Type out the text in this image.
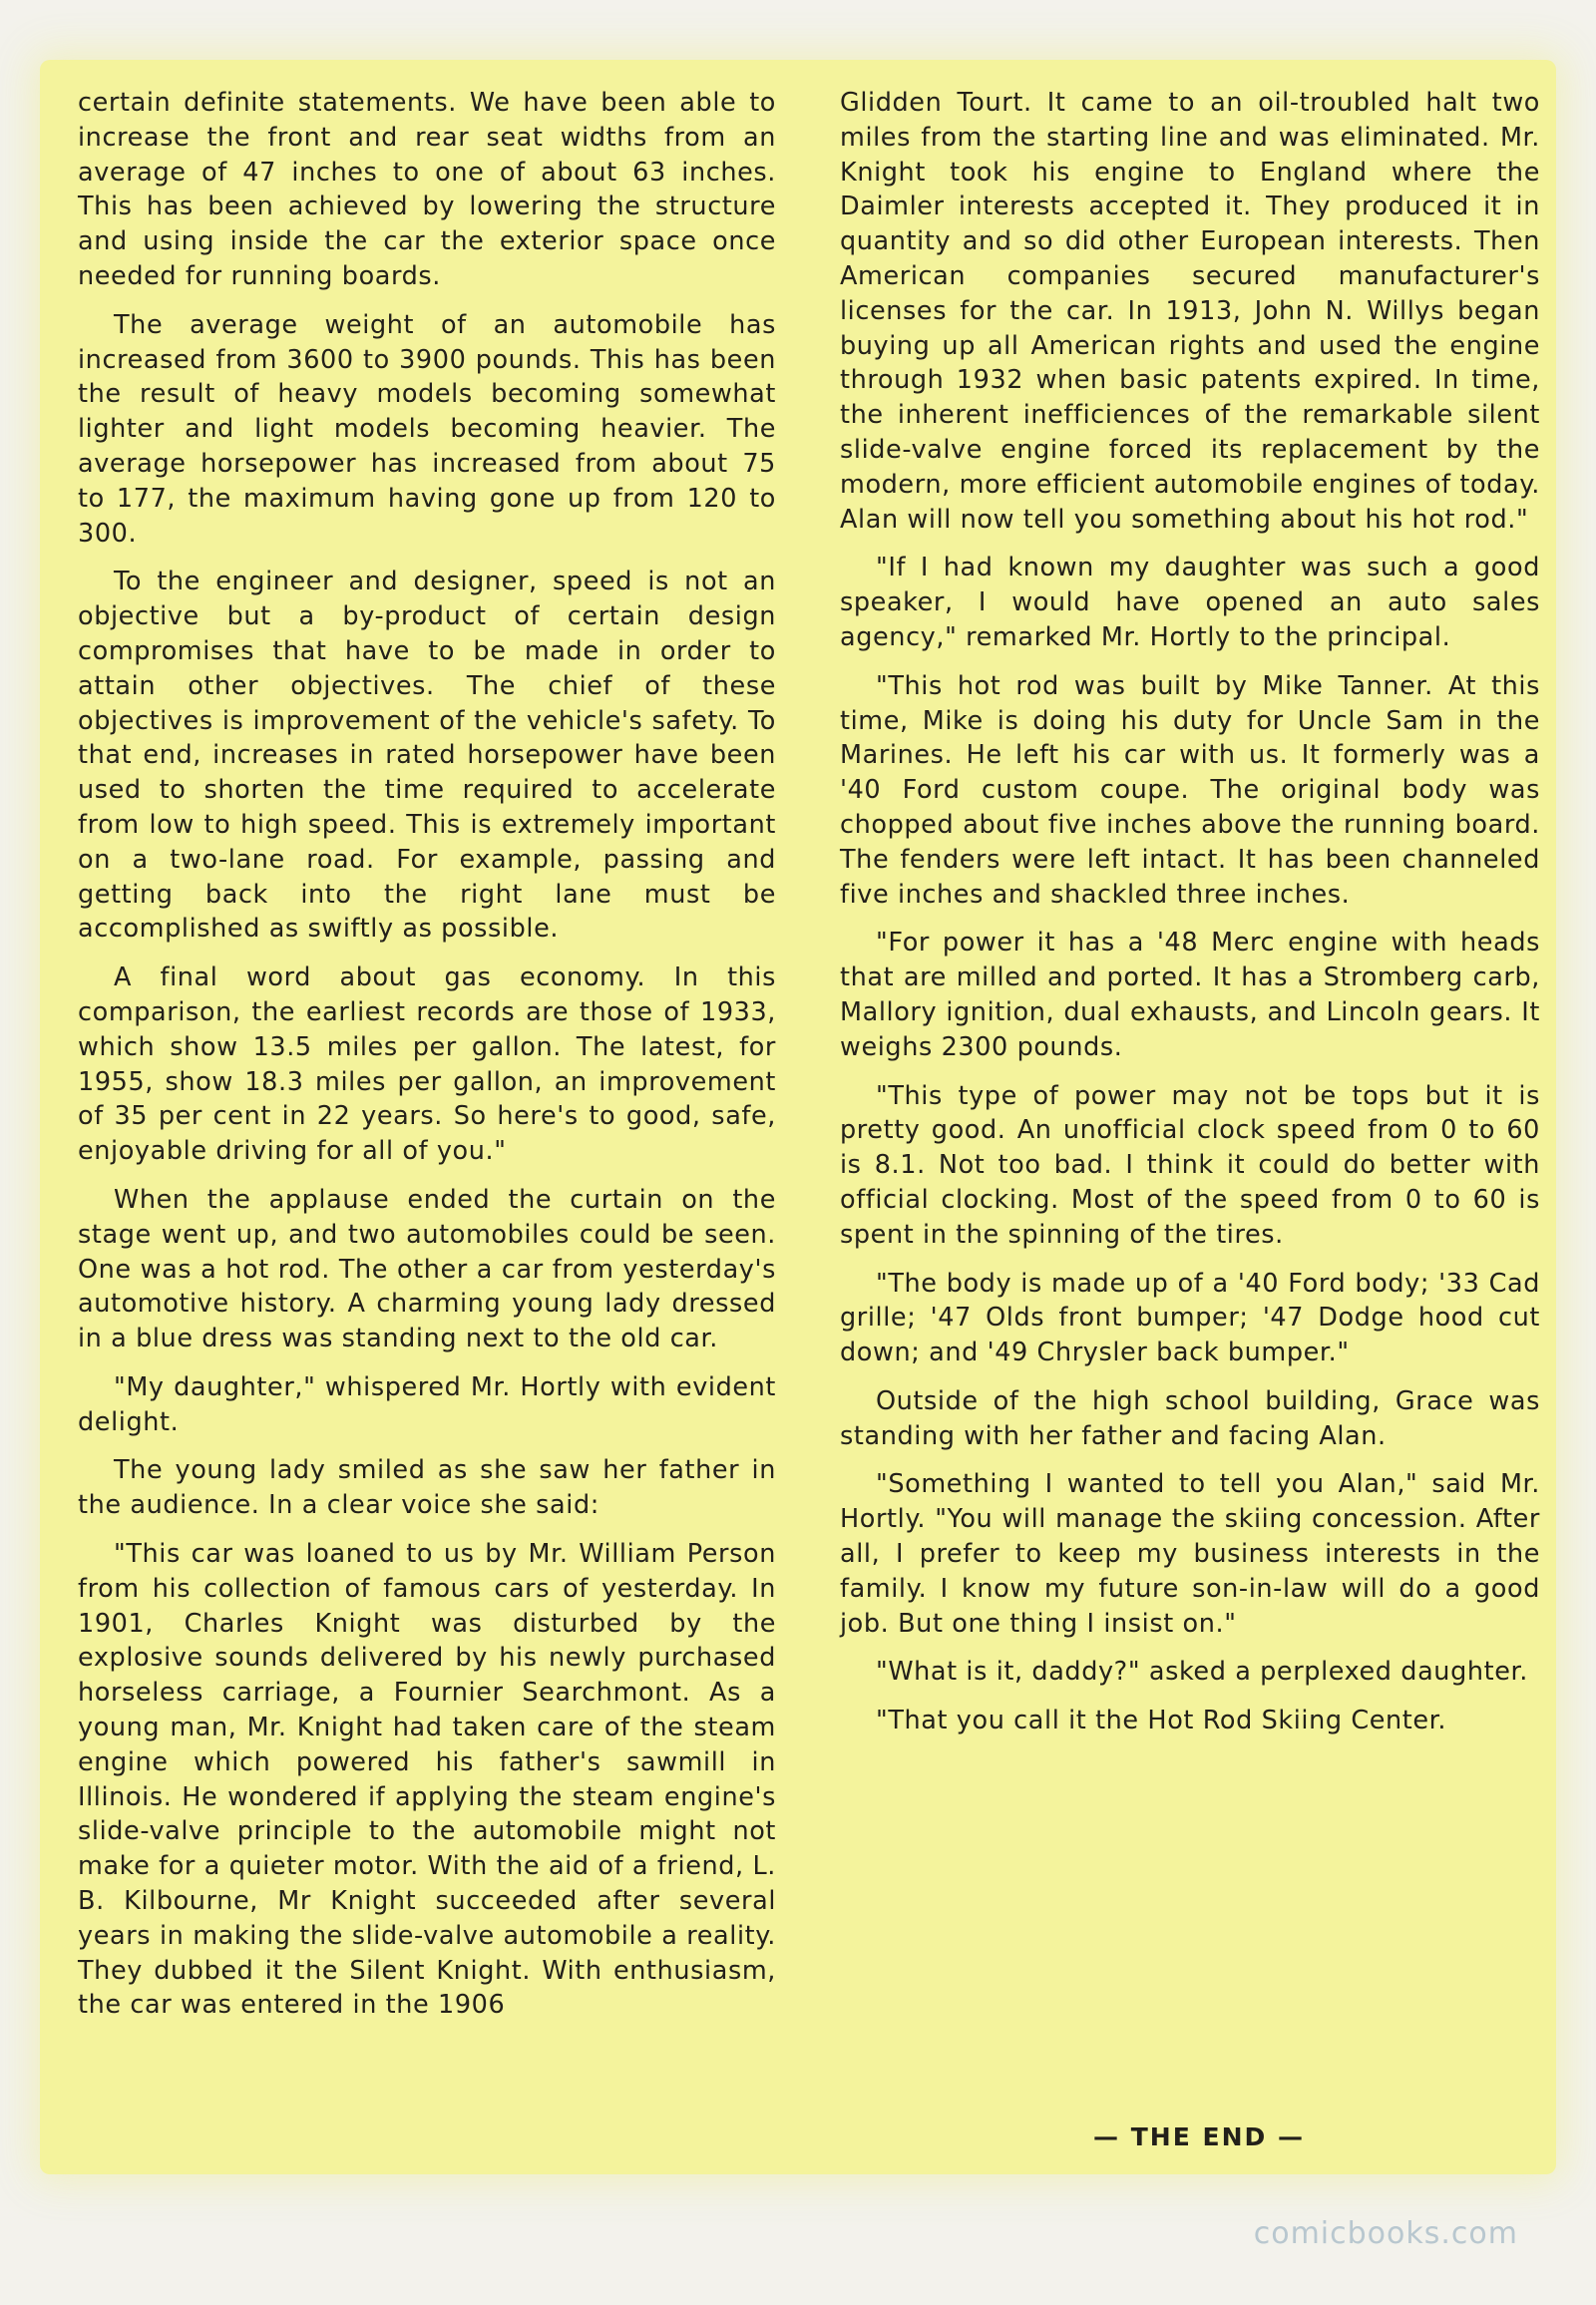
certain definite statements. We have been able to increase the front and rear seat widths from an average of 47 inches to one of about 63 inches. This has been achieved by lowering the structure and using inside the car the exterior space once needed for running boards.

The average weight of an automobile has increased from 3600 to 3900 pounds. This has been the result of heavy models becoming somewhat lighter and light models becoming heavier. The average horsepower has increased from about 75 to 177, the maximum having gone up from 120 to 300.

To the engineer and designer, speed is not an objective but a by-product of certain design compromises that have to be made in order to attain other objectives. The chief of these objectives is improvement of the vehicle's safety. To that end, increases in rated horsepower have been used to shorten the time required to accelerate from low to high speed. This is extremely important on a two-lane road. For example, passing and getting back into the right lane must be accomplished as swiftly as possible.

A final word about gas economy. In this comparison, the earliest records are those of 1933, which show 13.5 miles per gallon. The latest, for 1955, show 18.3 miles per gallon, an improvement of 35 per cent in 22 years. So here's to good, safe, enjoyable driving for all of you."

When the applause ended the curtain on the stage went up, and two automobiles could be seen. One was a hot rod. The other a car from yesterday's automotive history. A charming young lady dressed in a blue dress was standing next to the old car.

"My daughter," whispered Mr. Hortly with evident delight.

The young lady smiled as she saw her father in the audience. In a clear voice she said:

"This car was loaned to us by Mr. William Person from his collection of famous cars of yesterday. In 1901, Charles Knight was disturbed by the explosive sounds delivered by his newly purchased horseless carriage, a Fournier Searchmont. As a young man, Mr. Knight had taken care of the steam engine which powered his father's sawmill in Illinois. He wondered if applying the steam engine's slide-valve principle to the automobile might not make for a quieter motor. With the aid of a friend, L. B. Kilbourne, Mr Knight succeeded after several years in making the slide-valve automobile a reality. They dubbed it the Silent Knight. With enthusiasm, the car was entered in the 1906

Glidden Tourt. It came to an oil-troubled halt two miles from the starting line and was eliminated. Mr. Knight took his engine to England where the Daimler interests accepted it. They produced it in quantity and so did other European interests. Then American companies secured manufacturer's licenses for the car. In 1913, John N. Willys began buying up all American rights and used the engine through 1932 when basic patents expired. In time, the inherent inefficiences of the remarkable silent slide-valve engine forced its replacement by the modern, more efficient automobile engines of today. Alan will now tell you something about his hot rod."

"If I had known my daughter was such a good speaker, I would have opened an auto sales agency," remarked Mr. Hortly to the principal.

"This hot rod was built by Mike Tanner. At this time, Mike is doing his duty for Uncle Sam in the Marines. He left his car with us. It formerly was a '40 Ford custom coupe. The original body was chopped about five inches above the running board. The fenders were left intact. It has been channeled five inches and shackled three inches.

"For power it has a '48 Merc engine with heads that are milled and ported. It has a Stromberg carb, Mallory ignition, dual exhausts, and Lincoln gears. It weighs 2300 pounds.

"This type of power may not be tops but it is pretty good. An unofficial clock speed from 0 to 60 is 8.1. Not too bad. I think it could do better with official clocking. Most of the speed from 0 to 60 is spent in the spinning of the tires.

"The body is made up of a '40 Ford body; '33 Cad grille; '47 Olds front bumper; '47 Dodge hood cut down; and '49 Chrysler back bumper."

Outside of the high school building, Grace was standing with her father and facing Alan.

"Something I wanted to tell you Alan," said Mr. Hortly. "You will manage the skiing concession. After all, I prefer to keep my business interests in the family. I know my future son-in-law will do a good job. But one thing I insist on."

"What is it, daddy?" asked a perplexed daughter.

"That you call it the Hot Rod Skiing Center.

— THE END —
comicbooks.com
